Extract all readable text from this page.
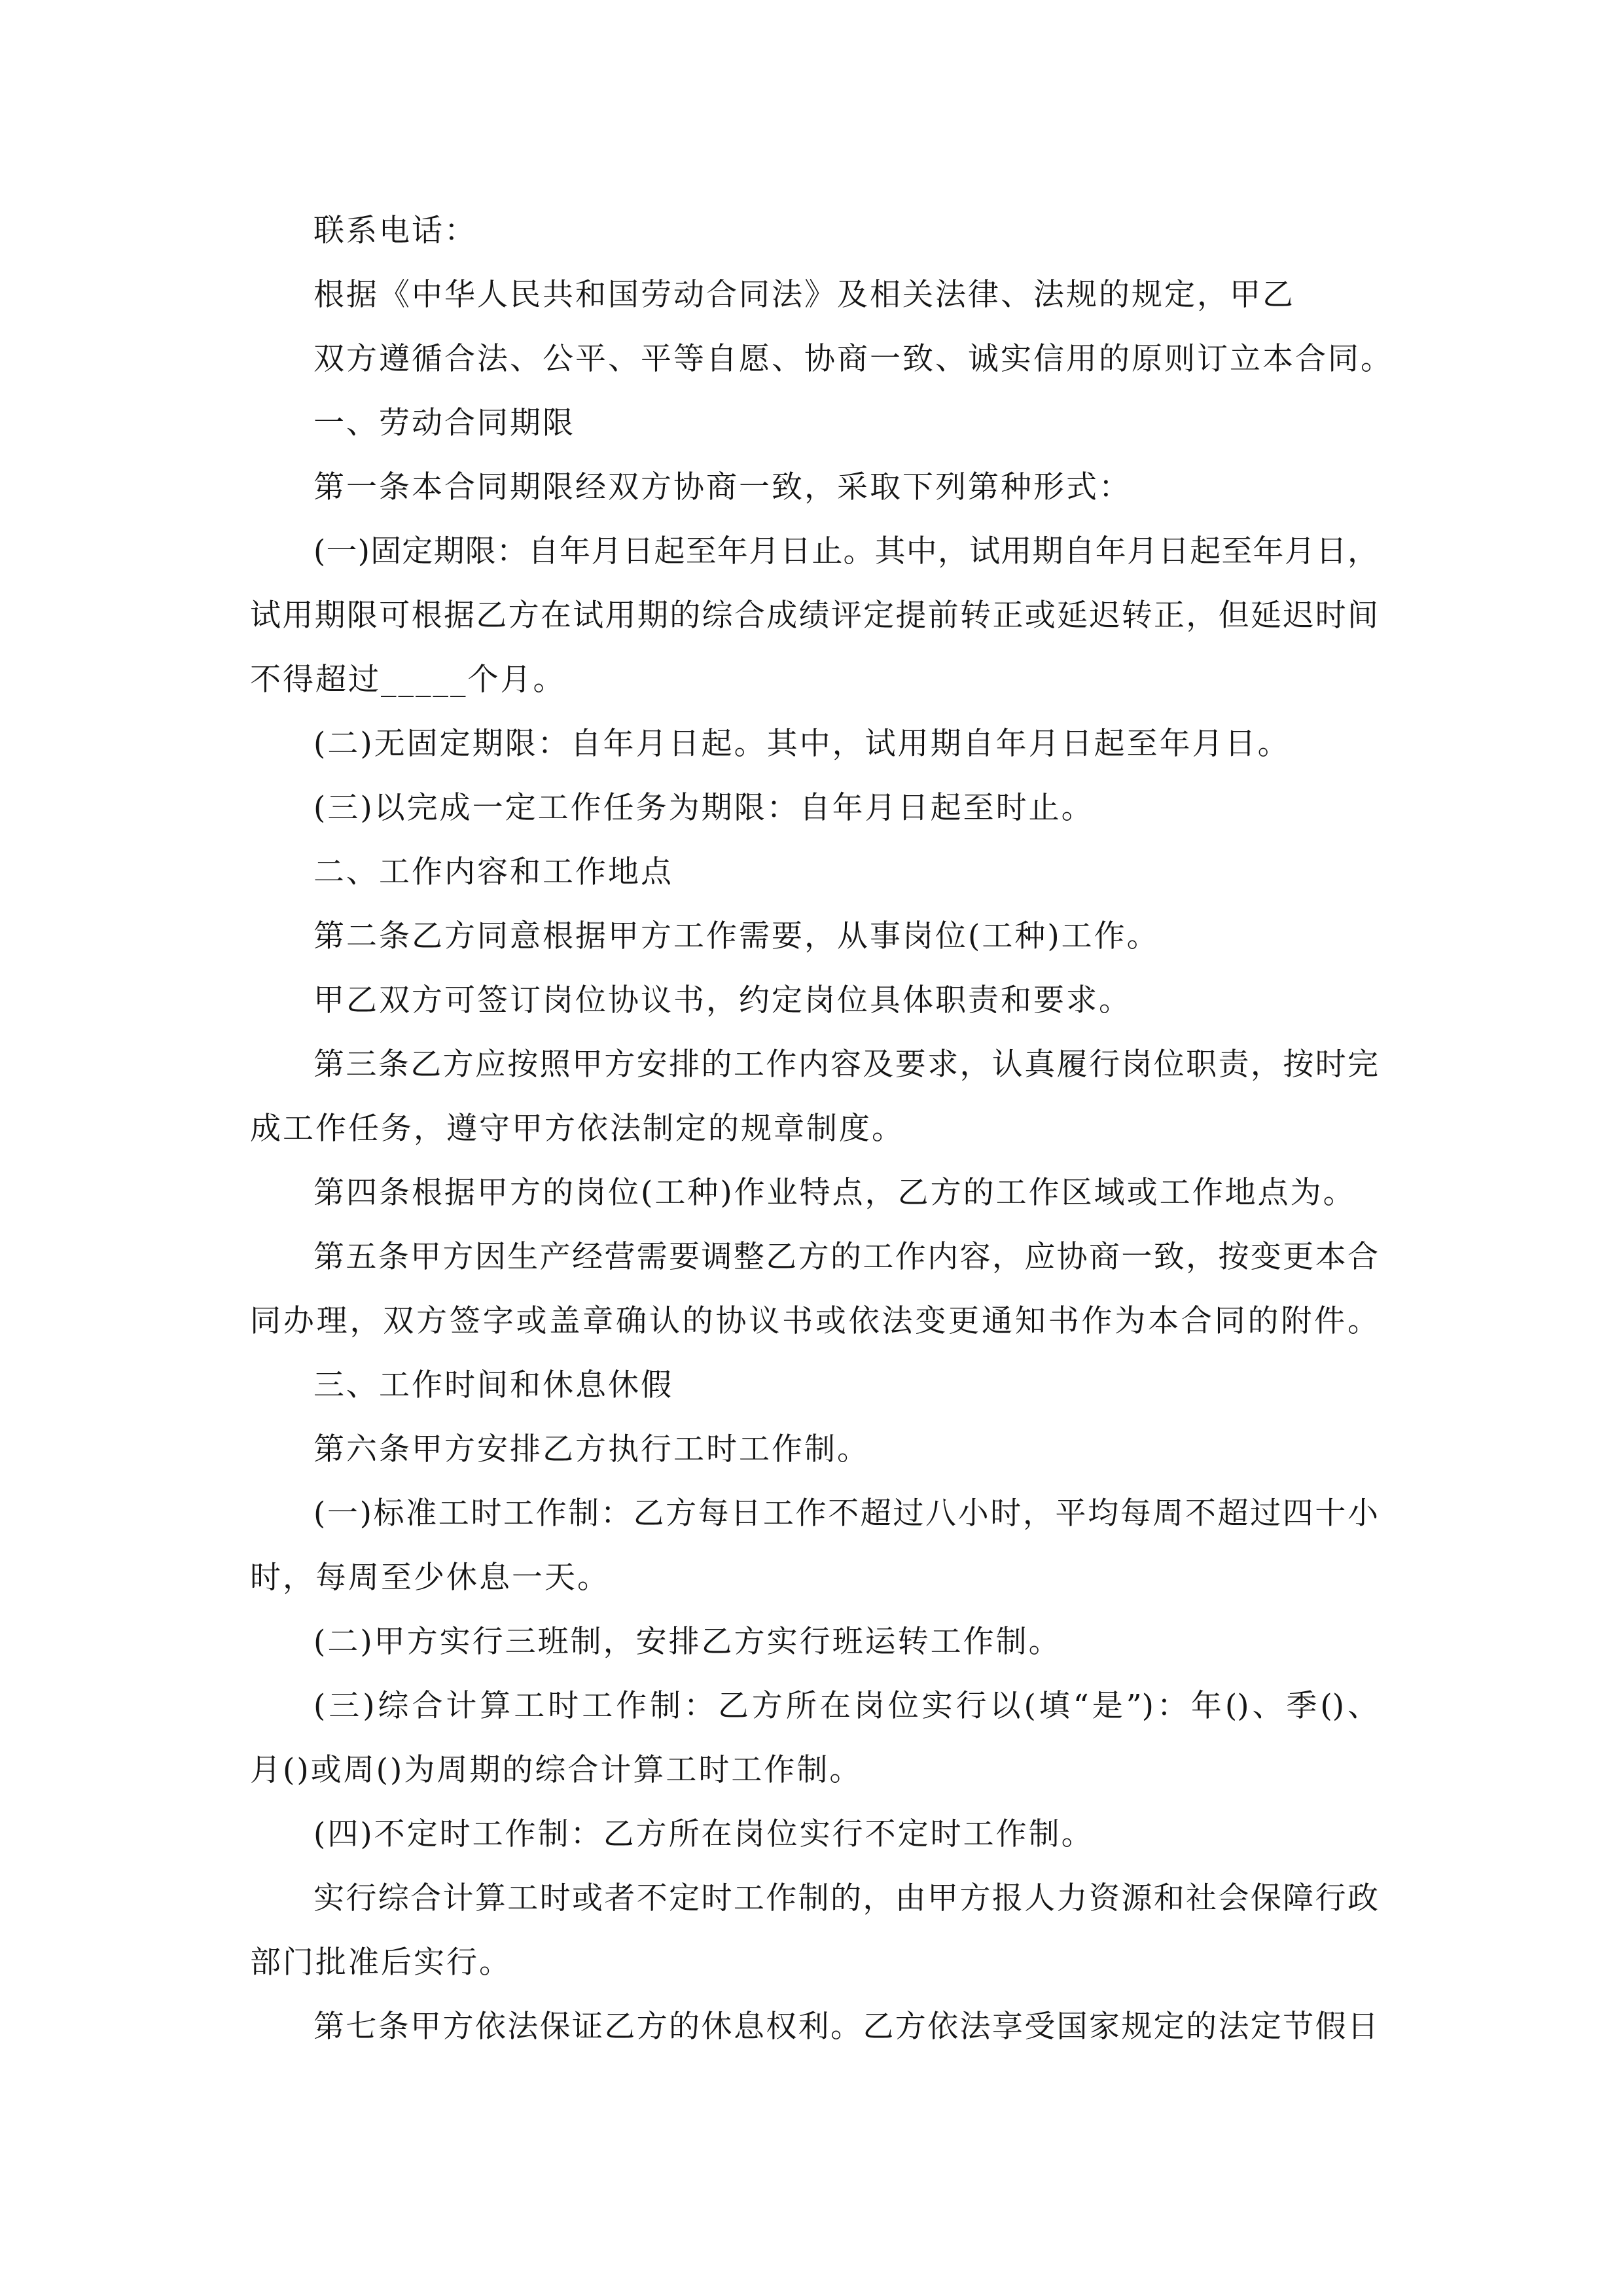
联系电话：
根据《中华人民共和国劳动合同法》及相关法律、法规的规定，甲乙
双方遵循合法、公平、平等自愿、协商一致、诚实信用的原则订立本合同。
一、劳动合同期限
第一条本合同期限经双方协商一致，采取下列第种形式：
(一)固定期限：自年月日起至年月日止。其中，试用期自年月日起至年月日，
试用期限可根据乙方在试用期的综合成绩评定提前转正或延迟转正，但延迟时间
不得超过_____个月。
(二)无固定期限：自年月日起。其中，试用期自年月日起至年月日。
(三)以完成一定工作任务为期限：自年月日起至时止。
二、工作内容和工作地点
第二条乙方同意根据甲方工作需要，从事岗位(工种)工作。
甲乙双方可签订岗位协议书，约定岗位具体职责和要求。
第三条乙方应按照甲方安排的工作内容及要求，认真履行岗位职责，按时完
成工作任务，遵守甲方依法制定的规章制度。
第四条根据甲方的岗位(工种)作业特点，乙方的工作区域或工作地点为。
第五条甲方因生产经营需要调整乙方的工作内容，应协商一致，按变更本合
同办理，双方签字或盖章确认的协议书或依法变更通知书作为本合同的附件。
三、工作时间和休息休假
第六条甲方安排乙方执行工时工作制。
(一)标准工时工作制：乙方每日工作不超过八小时，平均每周不超过四十小
时，每周至少休息一天。
(二)甲方实行三班制，安排乙方实行班运转工作制。
(三)综合计算工时工作制：乙方所在岗位实行以(填“是”)：年()、季()、
月()或周()为周期的综合计算工时工作制。
(四)不定时工作制：乙方所在岗位实行不定时工作制。
实行综合计算工时或者不定时工作制的，由甲方报人力资源和社会保障行政
部门批准后实行。
第七条甲方依法保证乙方的休息权利。乙方依法享受国家规定的法定节假日
